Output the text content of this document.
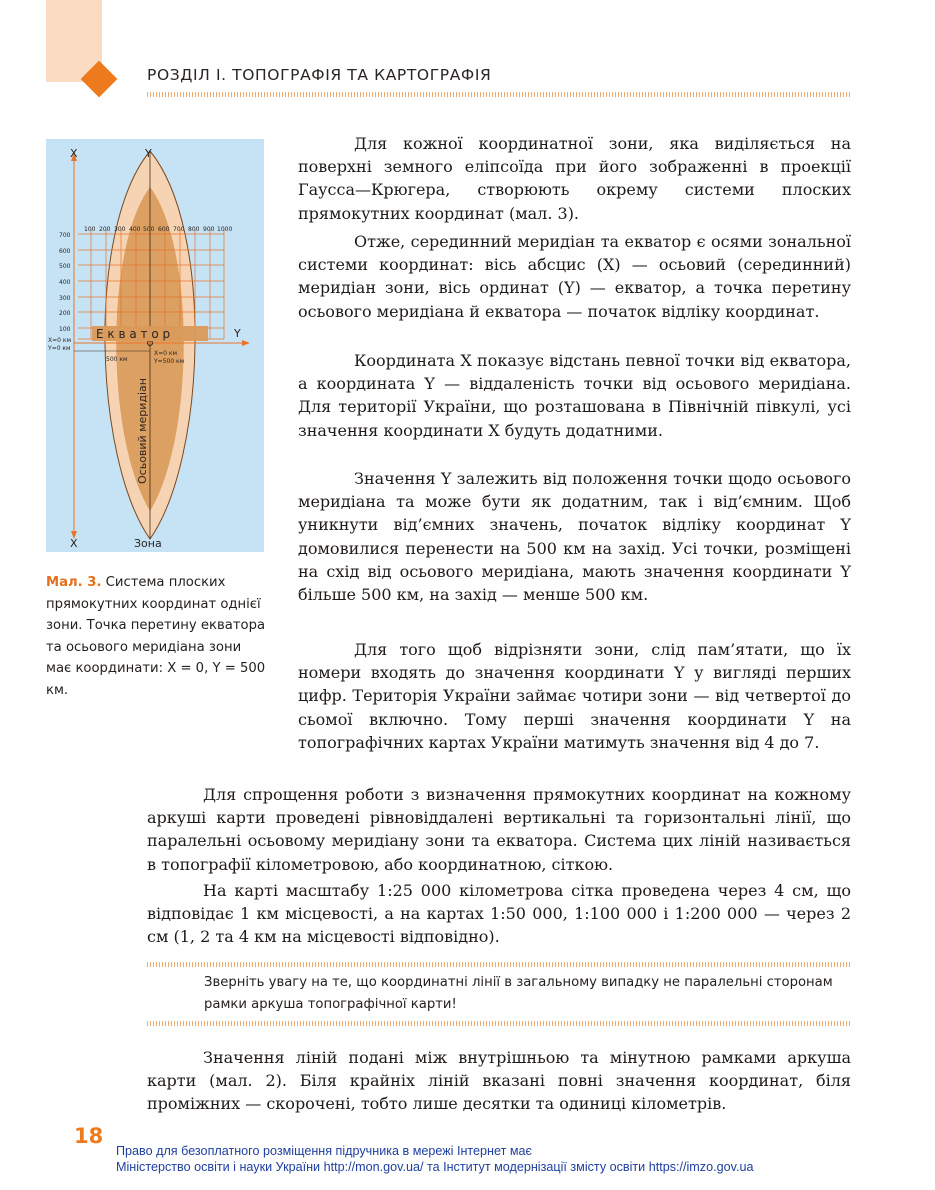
РОЗДІЛ І. ТОПОГРАФІЯ ТА КАРТОГРАФІЯ
X	Y
X	Зона
Y
Е к в а т о р
100 200 300 400 500 600 700 800 900 1000
700
600
500
400
300
200
100
X=0 км
Y=0 км
500 км
X=0 км
Y=500 км
Осьовий меридіан
Мал. 3. Система плоских прямокутних координат однієї зони. Точка перетину екватора та осьового меридіана зони має координати: X = 0, Y = 500 км.

Для кожної координатної зони, яка виділяється на поверхні земного еліпсоїда при його зображенні в проекції Гаусса—Крюгера, створюють окрему системи плоских прямокутних координат (мал. 3).

Отже, серединний меридіан та екватор є осями зональної системи координат: вісь абсцис (X) — осьовий (серединний) меридіан зони, вісь ординат (Y) — екватор, а точка перетину осьового меридіана й екватора — початок відліку координат.

Координата X показує відстань певної точки від екватора, а координата Y — віддаленість точки від осьового меридіана. Для території України, що розташована в Північній півкулі, усі значення координати X будуть додатними.

Значення Y залежить від положення точки щодо осьового меридіана та може бути як додатним, так і від’ємним. Щоб уникнути від’ємних значень, початок відліку координат Y домовилися перенести на 500 км на захід. Усі точки, розміщені на схід від осьового меридіана, мають значення координати Y більше 500 км, на захід — менше 500 км.

Для того щоб відрізняти зони, слід пам’ятати, що їх номери входять до значення координати Y у вигляді перших цифр. Територія України займає чотири зони — від четвертої до сьомої включно. Тому перші значення координати Y на топографічних картах України матимуть значення від 4 до 7.

Для спрощення роботи з визначення прямокутних координат на кожному аркуші карти проведені рівновіддалені вертикальні та горизонтальні лінії, що паралельні осьовому меридіану зони та екватора. Система цих ліній називається в топографії кілометровою, або координатною, сіткою.

На карті масштабу 1:25 000 кілометрова сітка проведена через 4 см, що відповідає 1 км місцевості, а на картах 1:50 000, 1:100 000 і 1:200 000 — через 2 см (1, 2 та 4 км на місцевості відповідно).

Значення ліній подані між внутрішньою та мінутною рамками аркуша карти (мал. 2). Біля крайніх ліній вказані повні значення координат, біля проміжних — скорочені, тобто лише десятки та одиниці кілометрів.

Зверніть увагу на те, що координатні лінії в загальному випадку не паралельні сторонам рамки аркуша топографічної карти!
18
Право для безоплатного розміщення підручника в мережі Інтернет має
Міністерство освіти і науки України http://mon.gov.ua/ та Інститут модернізації змісту освіти https://imzo.gov.ua
